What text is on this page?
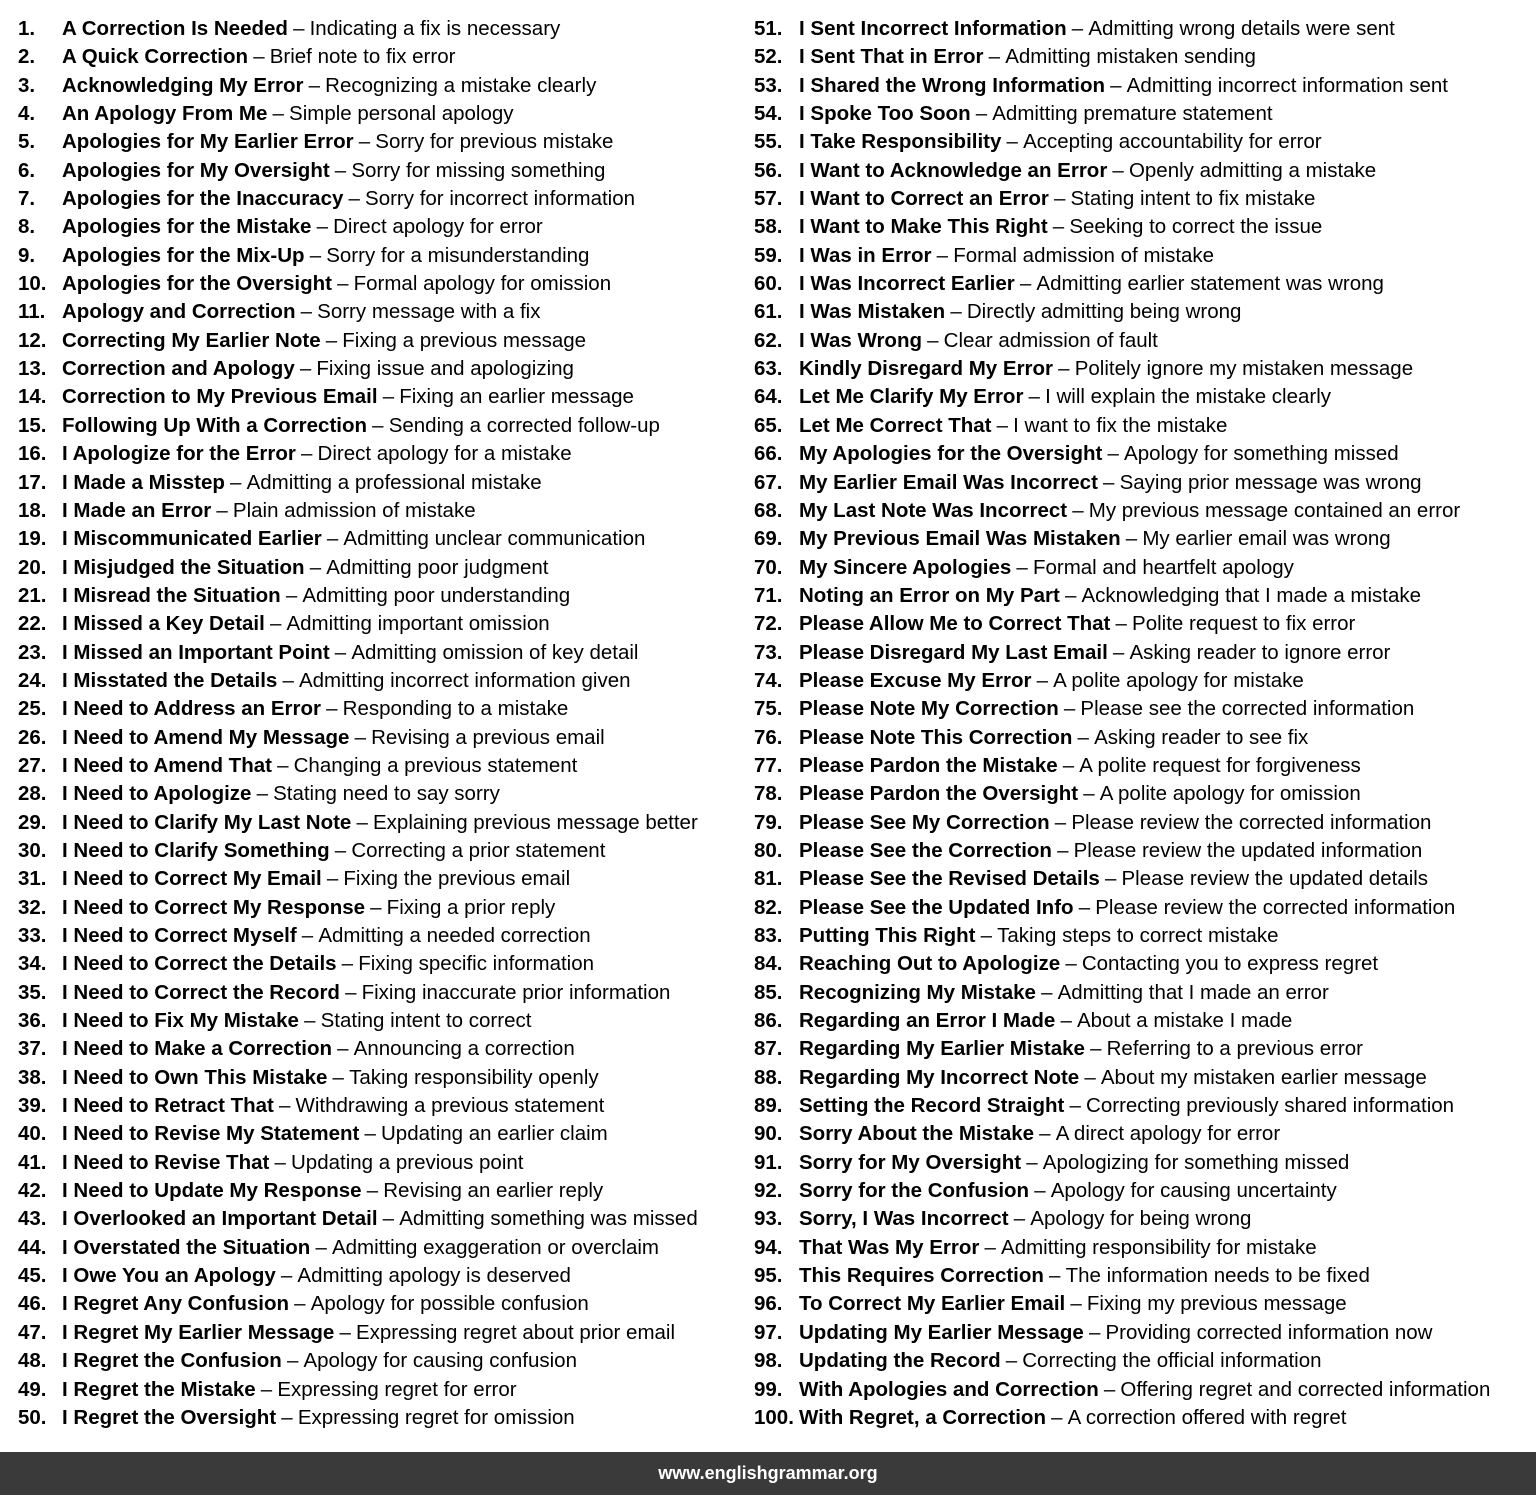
1.	A Correction Is Needed – Indicating a fix is necessary
2.	A Quick Correction – Brief note to fix error
3.	Acknowledging My Error – Recognizing a mistake clearly
4.	An Apology From Me – Simple personal apology
5.	Apologies for My Earlier Error – Sorry for previous mistake
6.	Apologies for My Oversight – Sorry for missing something
7.	Apologies for the Inaccuracy – Sorry for incorrect information
8.	Apologies for the Mistake – Direct apology for error
9.	Apologies for the Mix-Up – Sorry for a misunderstanding
10. Apologies for the Oversight – Formal apology for omission
11. Apology and Correction – Sorry message with a fix
12. Correcting My Earlier Note – Fixing a previous message
13. Correction and Apology – Fixing issue and apologizing
14. Correction to My Previous Email – Fixing an earlier message
15. Following Up With a Correction – Sending a corrected follow-up
16. I Apologize for the Error – Direct apology for a mistake
17. I Made a Misstep – Admitting a professional mistake
18. I Made an Error – Plain admission of mistake
19. I Miscommunicated Earlier – Admitting unclear communication
20. I Misjudged the Situation – Admitting poor judgment
21. I Misread the Situation – Admitting poor understanding
22. I Missed a Key Detail – Admitting important omission
23. I Missed an Important Point – Admitting omission of key detail
24. I Misstated the Details – Admitting incorrect information given
25. I Need to Address an Error – Responding to a mistake
26. I Need to Amend My Message – Revising a previous email
27. I Need to Amend That – Changing a previous statement
28. I Need to Apologize – Stating need to say sorry
29. I Need to Clarify My Last Note – Explaining previous message better
30. I Need to Clarify Something – Correcting a prior statement
31. I Need to Correct My Email – Fixing the previous email
32. I Need to Correct My Response – Fixing a prior reply
33. I Need to Correct Myself – Admitting a needed correction
34. I Need to Correct the Details – Fixing specific information
35. I Need to Correct the Record – Fixing inaccurate prior information
36. I Need to Fix My Mistake – Stating intent to correct
37. I Need to Make a Correction – Announcing a correction
38. I Need to Own This Mistake – Taking responsibility openly
39. I Need to Retract That – Withdrawing a previous statement
40. I Need to Revise My Statement – Updating an earlier claim
41. I Need to Revise That – Updating a previous point
42. I Need to Update My Response – Revising an earlier reply
43. I Overlooked an Important Detail – Admitting something was missed
44. I Overstated the Situation – Admitting exaggeration or overclaim
45. I Owe You an Apology – Admitting apology is deserved
46. I Regret Any Confusion – Apology for possible confusion
47. I Regret My Earlier Message – Expressing regret about prior email
48. I Regret the Confusion – Apology for causing confusion
49. I Regret the Mistake – Expressing regret for error
50. I Regret the Oversight – Expressing regret for omission
51. I Sent Incorrect Information – Admitting wrong details were sent
52. I Sent That in Error – Admitting mistaken sending
53. I Shared the Wrong Information – Admitting incorrect information sent
54. I Spoke Too Soon – Admitting premature statement
55. I Take Responsibility – Accepting accountability for error
56. I Want to Acknowledge an Error – Openly admitting a mistake
57. I Want to Correct an Error – Stating intent to fix mistake
58. I Want to Make This Right – Seeking to correct the issue
59. I Was in Error – Formal admission of mistake
60. I Was Incorrect Earlier – Admitting earlier statement was wrong
61. I Was Mistaken – Directly admitting being wrong
62. I Was Wrong – Clear admission of fault
63. Kindly Disregard My Error – Politely ignore my mistaken message
64. Let Me Clarify My Error – I will explain the mistake clearly
65. Let Me Correct That – I want to fix the mistake
66. My Apologies for the Oversight – Apology for something missed
67. My Earlier Email Was Incorrect – Saying prior message was wrong
68. My Last Note Was Incorrect – My previous message contained an error
69. My Previous Email Was Mistaken – My earlier email was wrong
70. My Sincere Apologies – Formal and heartfelt apology
71. Noting an Error on My Part – Acknowledging that I made a mistake
72. Please Allow Me to Correct That – Polite request to fix error
73. Please Disregard My Last Email – Asking reader to ignore error
74. Please Excuse My Error – A polite apology for mistake
75. Please Note My Correction – Please see the corrected information
76. Please Note This Correction – Asking reader to see fix
77. Please Pardon the Mistake – A polite request for forgiveness
78. Please Pardon the Oversight – A polite apology for omission
79. Please See My Correction – Please review the corrected information
80. Please See the Correction – Please review the updated information
81. Please See the Revised Details – Please review the updated details
82. Please See the Updated Info – Please review the corrected information
83. Putting This Right – Taking steps to correct mistake
84. Reaching Out to Apologize – Contacting you to express regret
85. Recognizing My Mistake – Admitting that I made an error
86. Regarding an Error I Made – About a mistake I made
87. Regarding My Earlier Mistake – Referring to a previous error
88. Regarding My Incorrect Note – About my mistaken earlier message
89. Setting the Record Straight – Correcting previously shared information
90. Sorry About the Mistake – A direct apology for error
91. Sorry for My Oversight – Apologizing for something missed
92. Sorry for the Confusion – Apology for causing uncertainty
93. Sorry, I Was Incorrect – Apology for being wrong
94. That Was My Error – Admitting responsibility for mistake
95. This Requires Correction – The information needs to be fixed
96. To Correct My Earlier Email – Fixing my previous message
97. Updating My Earlier Message – Providing corrected information now
98. Updating the Record – Correcting the official information
99. With Apologies and Correction – Offering regret and corrected information
100. With Regret, a Correction – A correction offered with regret
www.englishgrammar.org
